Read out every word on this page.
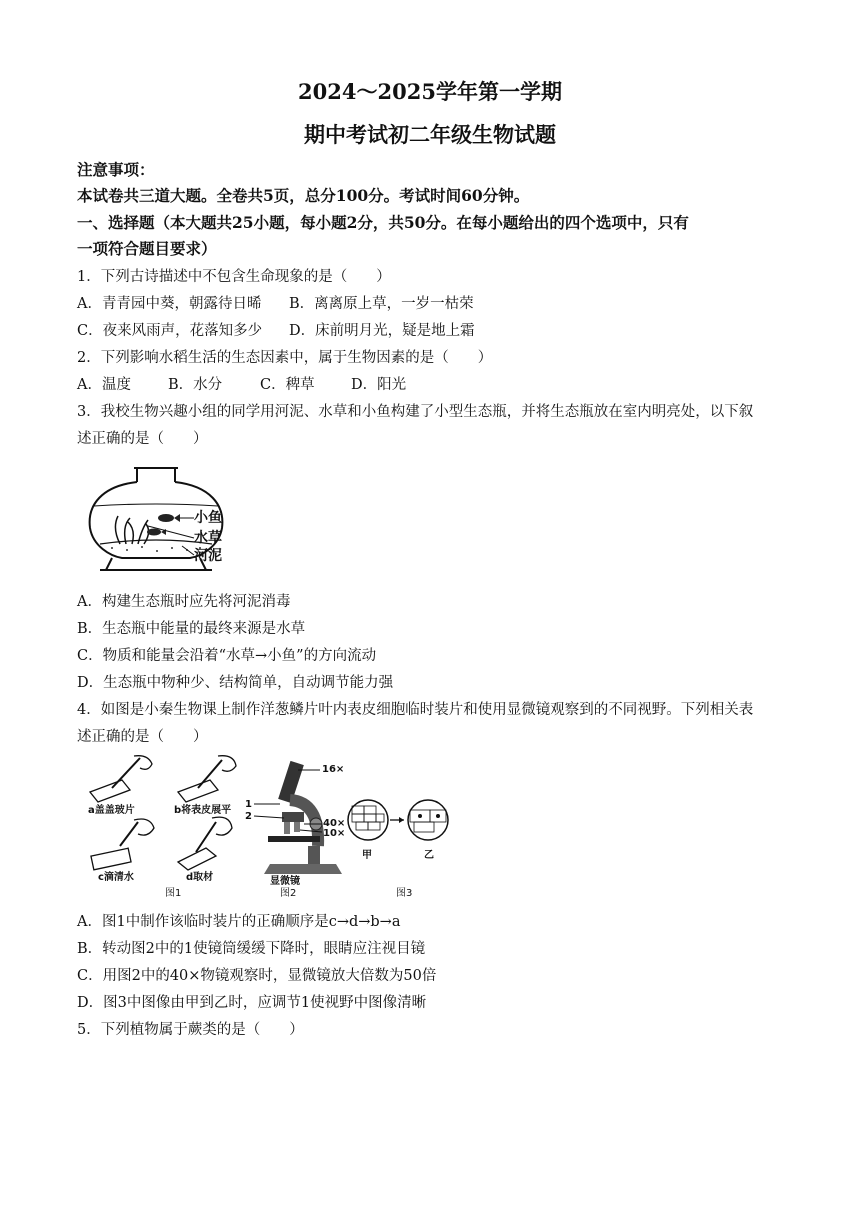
2024～2025学年第一学期
期中考试初二年级生物试题
注意事项：
本试卷共三道大题。全卷共5页，总分100分。考试时间60分钟。
一、选择题（本大题共25小题，每小题2分，共50分。在每小题给出的四个选项中，只有
一项符合题目要求）
1．下列古诗描述中不包含生命现象的是（　　）
A．青青园中葵，朝露待日晞 B．离离原上草，一岁一枯荣
C．夜来风雨声，花落知多少 D．床前明月光，疑是地上霜
2．下列影响水稻生活的生态因素中，属于生物因素的是（　　）
A．温度	B．水分	C．稗草	D．阳光
3．我校生物兴趣小组的同学用河泥、水草和小鱼构建了小型生态瓶，并将生态瓶放在室内明亮处，以下叙
述正确的是（　　）
小鱼
水草
河泥
A．构建生态瓶时应先将河泥消毒
B．生态瓶中能量的最终来源是水草
C．物质和能量会沿着“水草→小鱼”的方向流动
D．生态瓶中物种少、结构简单，自动调节能力强
4．如图是小秦生物课上制作洋葱鳞片叶内表皮细胞临时装片和使用显微镜观察到的不同视野。下列相关表
述正确的是（　　）
a盖盖玻片	b将表皮展平
c滴清水	d取材
图1
16×
1
2
40×
10×
显微镜
图2
甲	乙
图3
A．图1中制作该临时装片的正确顺序是c→d→b→a
B．转动图2中的1使镜筒缓缓下降时，眼睛应注视目镜
C．用图2中的40×物镜观察时，显微镜放大倍数为50倍
D．图3中图像由甲到乙时，应调节1使视野中图像清晰
5．下列植物属于蕨类的是（　　）
